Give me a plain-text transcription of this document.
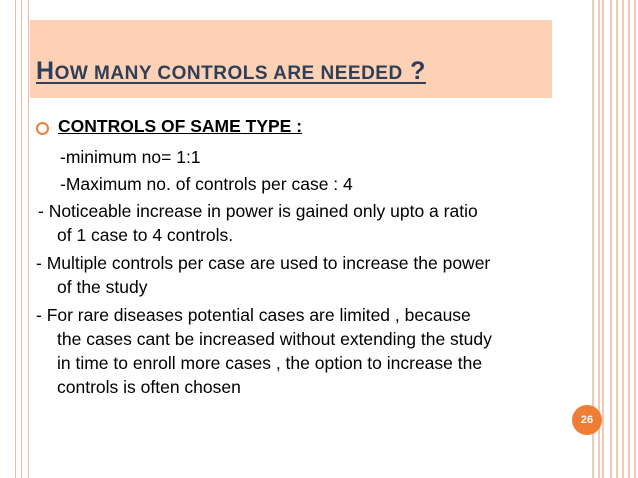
HOW MANY CONTROLS ARE NEEDED ?
CONTROLS OF SAME TYPE :
-minimum no= 1:1
-Maximum no. of controls per case : 4
- Noticeable increase in power is gained only upto a ratio
of 1 case to 4 controls.
- Multiple controls per case are used to increase the power
of the study
- For rare diseases potential cases are limited , because
the cases cant be increased without extending the study
in time to enroll more cases , the option to increase the
controls is often chosen
26
